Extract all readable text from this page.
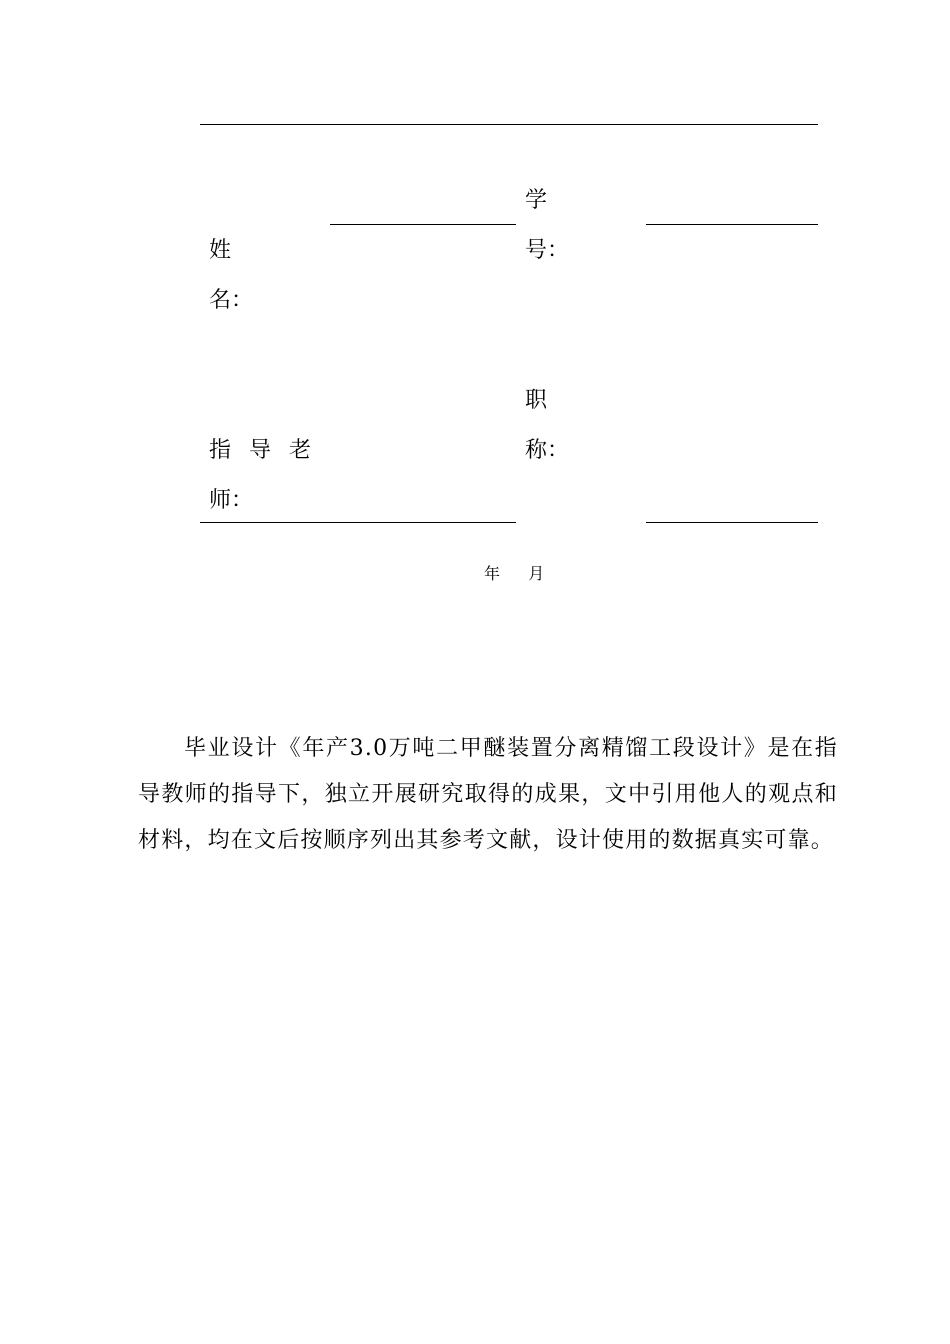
学
号：
姓
名：
职
称：
指导老
师：
年 月

毕业设计《年产3.0万吨二甲醚装置分离精馏工段设计》是在指导教师的指导下，独立开展研究取得的成果，文中引用他人的观点和材料，均在文后按顺序列出其参考文献，设计使用的数据真实可靠。
